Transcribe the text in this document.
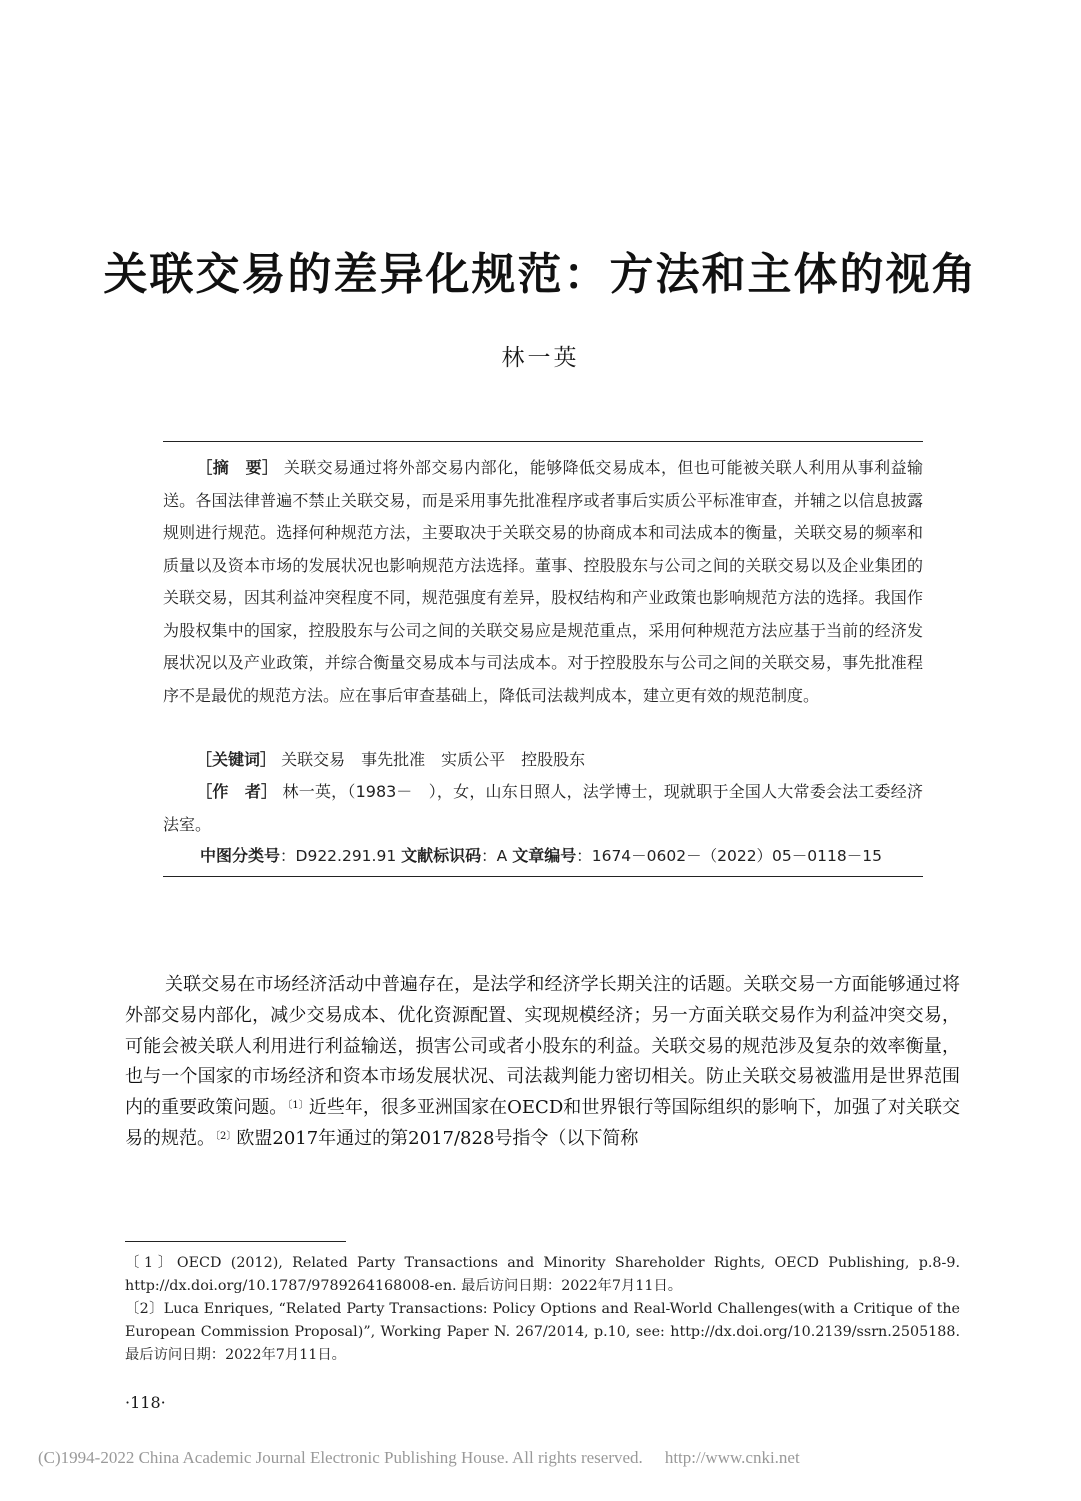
关联交易的差异化规范：方法和主体的视角
林一英

［摘　要］ 关联交易通过将外部交易内部化，能够降低交易成本，但也可能被关联人利用从事利益输送。各国法律普遍不禁止关联交易，而是采用事先批准程序或者事后实质公平标准审查，并辅之以信息披露规则进行规范。选择何种规范方法，主要取决于关联交易的协商成本和司法成本的衡量，关联交易的频率和质量以及资本市场的发展状况也影响规范方法选择。董事、控股股东与公司之间的关联交易以及企业集团的关联交易，因其利益冲突程度不同，规范强度有差异，股权结构和产业政策也影响规范方法的选择。我国作为股权集中的国家，控股股东与公司之间的关联交易应是规范重点，采用何种规范方法应基于当前的经济发展状况以及产业政策，并综合衡量交易成本与司法成本。对于控股股东与公司之间的关联交易，事先批准程序不是最优的规范方法。应在事后审查基础上，降低司法裁判成本，建立更有效的规范制度。

［关键词］ 关联交易　事先批准　实质公平　控股股东

［作　者］ 林一英，（1983－　），女，山东日照人，法学博士，现就职于全国人大常委会法工委经济法室。

中图分类号：D922.291.91 文献标识码：A 文章编号：1674－0602－（2022）05－0118－15

关联交易在市场经济活动中普遍存在，是法学和经济学长期关注的话题。关联交易一方面能够通过将外部交易内部化，减少交易成本、优化资源配置、实现规模经济；另一方面关联交易作为利益冲突交易，可能会被关联人利用进行利益输送，损害公司或者小股东的利益。关联交易的规范涉及复杂的效率衡量，也与一个国家的市场经济和资本市场发展状况、司法裁判能力密切相关。防止关联交易被滥用是世界范围内的重要政策问题。$^{〔1〕}$近些年，很多亚洲国家在OECD和世界银行等国际组织的影响下，加强了对关联交易的规范。$^{〔2〕}$欧盟2017年通过的第2017/828号指令（以下简称

〔1〕OECD (2012), Related Party Transactions and Minority Shareholder Rights, OECD Publishing, p.8-9. http://dx.doi.org/10.1787/9789264168008-en. 最后访问日期：2022年7月11日。

〔2〕Luca Enriques, “Related Party Transactions: Policy Options and Real-World Challenges(with a Critique of the European Commission Proposal)”, Working Paper N. 267/2014, p.10, see: http://dx.doi.org/10.2139/ssrn.2505188. 最后访问日期：2022年7月11日。

·118·
(C)1994-2022 China Academic Journal Electronic Publishing House. All rights reserved. http://www.cnki.net
